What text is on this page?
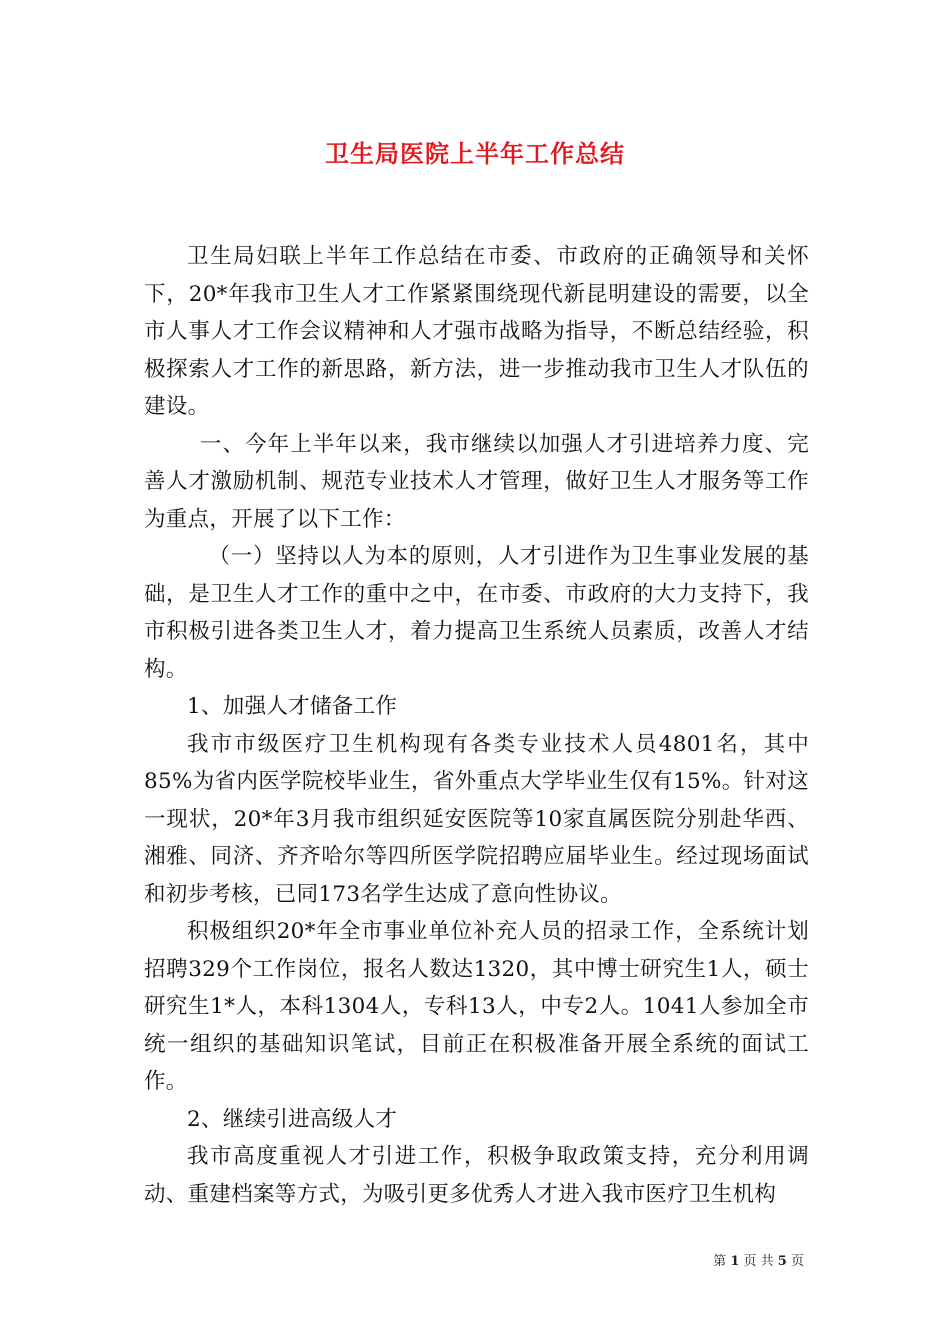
卫生局医院上半年工作总结

卫生局妇联上半年工作总结在市委、市政府的正确领导和关怀下，20*年我市卫生人才工作紧紧围绕现代新昆明建设的需要，以全市人事人才工作会议精神和人才强市战略为指导，不断总结经验，积极探索人才工作的新思路，新方法，进一步推动我市卫生人才队伍的建设。

一、今年上半年以来，我市继续以加强人才引进培养力度、完善人才激励机制、规范专业技术人才管理，做好卫生人才服务等工作为重点，开展了以下工作：

（一）坚持以人为本的原则，人才引进作为卫生事业发展的基础，是卫生人才工作的重中之中，在市委、市政府的大力支持下，我市积极引进各类卫生人才，着力提高卫生系统人员素质，改善人才结构。

1、加强人才储备工作

我市市级医疗卫生机构现有各类专业技术人员4801名，其中85%为省内医学院校毕业生，省外重点大学毕业生仅有15%。针对这一现状，20*年3月我市组织延安医院等10家直属医院分别赴华西、湘雅、同济、齐齐哈尔等四所医学院招聘应届毕业生。经过现场面试和初步考核，已同173名学生达成了意向性协议。

积极组织20*年全市事业单位补充人员的招录工作，全系统计划招聘329个工作岗位，报名人数达1320，其中博士研究生1人，硕士研究生1*人，本科1304人，专科13人，中专2人。1041人参加全市统一组织的基础知识笔试，目前正在积极准备开展全系统的面试工作。

2、继续引进高级人才

我市高度重视人才引进工作，积极争取政策支持，充分利用调动、重建档案等方式，为吸引更多优秀人才进入我市医疗卫生机构

第 1 页 共 5 页
